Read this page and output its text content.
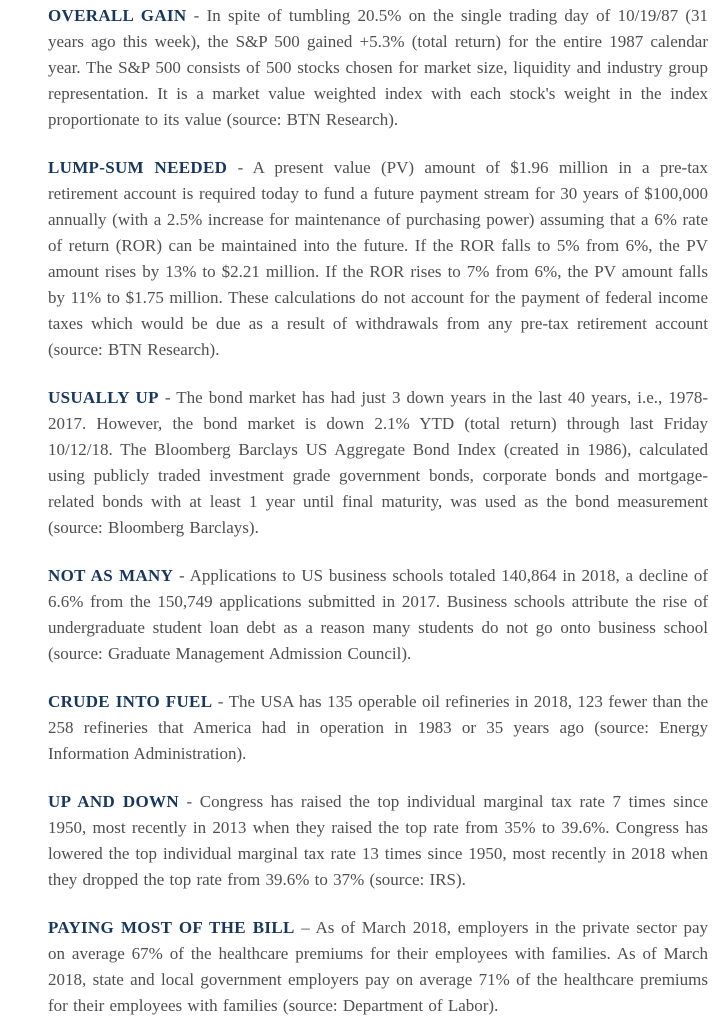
OVERALL GAIN - In spite of tumbling 20.5% on the single trading day of 10/19/87 (31 years ago this week), the S&P 500 gained +5.3% (total return) for the entire 1987 calendar year. The S&P 500 consists of 500 stocks chosen for market size, liquidity and industry group representation. It is a market value weighted index with each stock's weight in the index proportionate to its value (source: BTN Research).

LUMP-SUM NEEDED - A present value (PV) amount of $1.96 million in a pre-tax retirement account is required today to fund a future payment stream for 30 years of $100,000 annually (with a 2.5% increase for maintenance of purchasing power) assuming that a 6% rate of return (ROR) can be maintained into the future. If the ROR falls to 5% from 6%, the PV amount rises by 13% to $2.21 million. If the ROR rises to 7% from 6%, the PV amount falls by 11% to $1.75 million. These calculations do not account for the payment of federal income taxes which would be due as a result of withdrawals from any pre-tax retirement account (source: BTN Research).

USUALLY UP - The bond market has had just 3 down years in the last 40 years, i.e., 1978-2017. However, the bond market is down 2.1% YTD (total return) through last Friday 10/12/18. The Bloomberg Barclays US Aggregate Bond Index (created in 1986), calculated using publicly traded investment grade government bonds, corporate bonds and mortgage-related bonds with at least 1 year until final maturity, was used as the bond measurement (source: Bloomberg Barclays).

NOT AS MANY - Applications to US business schools totaled 140,864 in 2018, a decline of 6.6% from the 150,749 applications submitted in 2017. Business schools attribute the rise of undergraduate student loan debt as a reason many students do not go onto business school (source: Graduate Management Admission Council).

CRUDE INTO FUEL - The USA has 135 operable oil refineries in 2018, 123 fewer than the 258 refineries that America had in operation in 1983 or 35 years ago (source: Energy Information Administration).

UP AND DOWN - Congress has raised the top individual marginal tax rate 7 times since 1950, most recently in 2013 when they raised the top rate from 35% to 39.6%. Congress has lowered the top individual marginal tax rate 13 times since 1950, most recently in 2018 when they dropped the top rate from 39.6% to 37% (source: IRS).

PAYING MOST OF THE BILL – As of March 2018, employers in the private sector pay on average 67% of the healthcare premiums for their employees with families. As of March 2018, state and local government employers pay on average 71% of the healthcare premiums for their employees with families (source: Department of Labor).
